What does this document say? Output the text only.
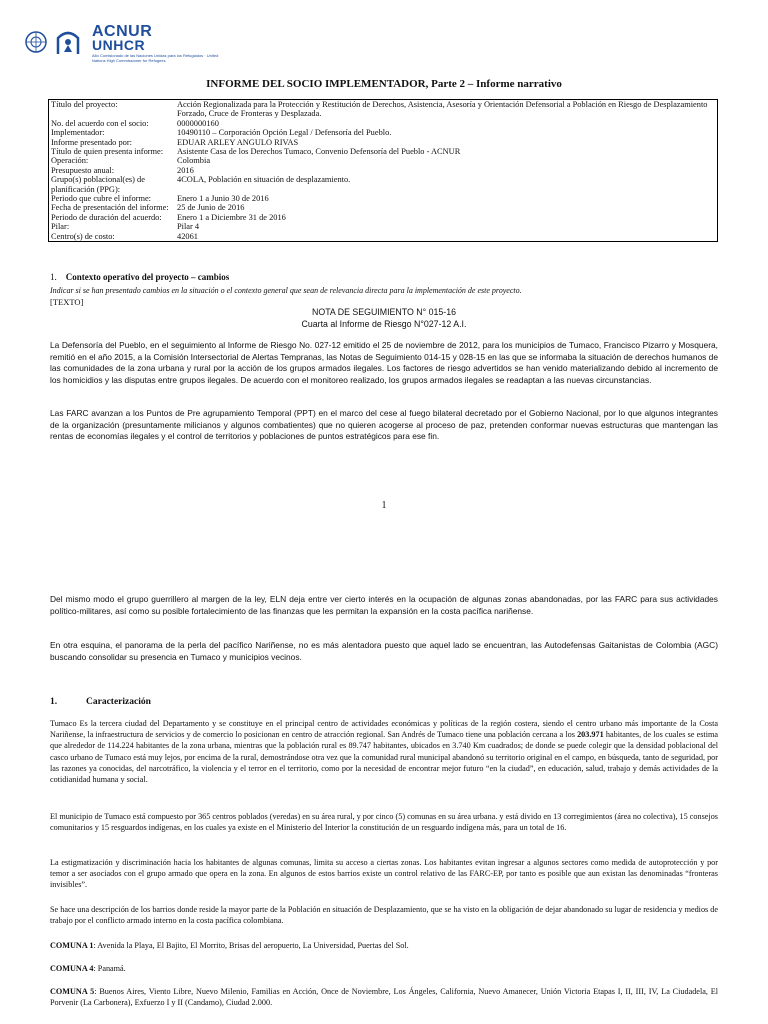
ACNUR
UNHCR
Alto Comisionado de las Naciones Unidas para los Refugiados · United Nations High Commissioner for Refugees
INFORME DEL SOCIO IMPLEMENTADOR, Parte 2 – Informe narrativo
Título del proyecto:	Acción Regionalizada para la Protección y Restitución de Derechos, Asistencia, Asesoría y Orientación Defensorial a Población en Riesgo de Desplazamiento Forzado, Cruce de Fronteras y Desplazada.
No. del acuerdo con el socio:	0000000160
Implementador:	10490110 – Corporación Opción Legal / Defensoría del Pueblo.
Informe presentado por:	EDUAR ARLEY ANGULO RIVAS
Título de quien presenta informe:	Asistente Casa de los Derechos Tumaco, Convenio Defensoría del Pueblo - ACNUR
Operación:	Colombia
Presupuesto anual:	2016
Grupo(s) poblacional(es) de planificación (PPG):	4COLA, Población en situación de desplazamiento.
Periodo que cubre el informe:	Enero 1 a Junio 30 de 2016
Fecha de presentación del informe:	25 de Junio de 2016
Periodo de duración del acuerdo:	Enero 1 a Diciembre 31 de 2016
Pilar:	Pilar 4
Centro(s) de costo:	42061
1. Contexto operativo del proyecto – cambios
Indicar si se han presentado cambios en la situación o el contexto general que sean de relevancia directa para la implementación de este proyecto.
[TEXTO]
NOTA DE SEGUIMIENTO N° 015-16
Cuarta al Informe de Riesgo N°027-12 A.I.
La Defensoría del Pueblo, en el seguimiento al Informe de Riesgo No. 027-12 emitido el 25 de noviembre de 2012, para los municipios de Tumaco, Francisco Pizarro y Mosquera, remitió en el año 2015, a la Comisión Intersectorial de Alertas Tempranas, las Notas de Seguimiento 014-15 y 028-15 en las que se informaba la situación de derechos humanos de las comunidades de la zona urbana y rural por la acción de los grupos armados ilegales. Los factores de riesgo advertidos se han venido materializando debido al incremento de los homicidios y las disputas entre grupos ilegales. De acuerdo con el monitoreo realizado, los grupos armados ilegales se readaptan a las nuevas circunstancias.
Las FARC avanzan a los Puntos de Pre agrupamiento Temporal (PPT) en el marco del cese al fuego bilateral decretado por el Gobierno Nacional, por lo que algunos integrantes de la organización (presuntamente milicianos y algunos combatientes) que no quieren acogerse al proceso de paz, pretenden conformar nuevas estructuras que mantengan las rentas de economías ilegales y el control de territorios y poblaciones de puntos estratégicos para ese fin.
1
Del mismo modo el grupo guerrillero al margen de la ley, ELN deja entre ver cierto interés en la ocupación de algunas zonas abandonadas, por las FARC para sus actividades político-militares, así como su posible fortalecimiento de las finanzas que les permitan la expansión en la costa pacífica nariñense.
En otra esquina, el panorama de la perla del pacífico Nariñense, no es más alentadora puesto que aquel lado se encuentran, las Autodefensas Gaitanistas de Colombia (AGC) buscando consolidar su presencia en Tumaco y municipios vecinos.
1.	Caracterización
Tumaco Es la tercera ciudad del Departamento y se constituye en el principal centro de actividades económicas y políticas de la región costera, siendo el centro urbano más importante de la Costa Nariñense, la infraestructura de servicios y de comercio lo posicionan en centro de atracción regional. San Andrés de Tumaco tiene una población cercana a los 203.971 habitantes, de los cuales se estima que alrededor de 114.224 habitantes de la zona urbana, mientras que la población rural es 89.747 habitantes, ubicados en 3.740 Km cuadrados; de donde se puede colegir que la densidad poblacional del casco urbano de Tumaco está muy lejos, por encima de la rural, demostrándose otra vez que la comunidad rural municipal abandonó su territorio original en el campo, en búsqueda, tanto de seguridad, por las razones ya conocidas, del narcotráfico, la violencia y el terror en el territorio, como por la necesidad de encontrar mejor futuro “en la ciudad”, en educación, salud, trabajo y demás actividades de la cotidianidad humana y social.
El municipio de Tumaco está compuesto por 365 centros poblados (veredas) en su área rural, y por cinco (5) comunas en su área urbana. y está divido en 13 corregimientos (área no colectiva), 15 consejos comunitarios y 15 resguardos indígenas, en los cuales ya existe en el Ministerio del Interior la constitución de un resguardo indígena más, para un total de 16.
La estigmatización y discriminación hacia los habitantes de algunas comunas, limita su acceso a ciertas zonas. Los habitantes evitan ingresar a algunos sectores como medida de autoprotección y por temor a ser asociados con el grupo armado que opera en la zona. En algunos de estos barrios existe un control relativo de las FARC-EP, por tanto es posible que aun existan las denominadas “fronteras invisibles”.
Se hace una descripción de los barrios donde reside la mayor parte de la Población en situación de Desplazamiento, que se ha visto en la obligación de dejar abandonado su lugar de residencia y medios de trabajo por el conflicto armado interno en la costa pacífica colombiana.
COMUNA 1: Avenida la Playa, El Bajito, El Morrito, Brisas del aeropuerto, La Universidad, Puertas del Sol.
COMUNA 4: Panamá.
COMUNA 5: Buenos Aires, Viento Libre, Nuevo Milenio, Familias en Acción, Once de Noviembre, Los Ángeles, California, Nuevo Amanecer, Unión Victoria Etapas I, II, III, IV, La Ciudadela, El Porvenir (La Carbonera), Exfuerzo I y II (Candamo), Ciudad 2.000.
